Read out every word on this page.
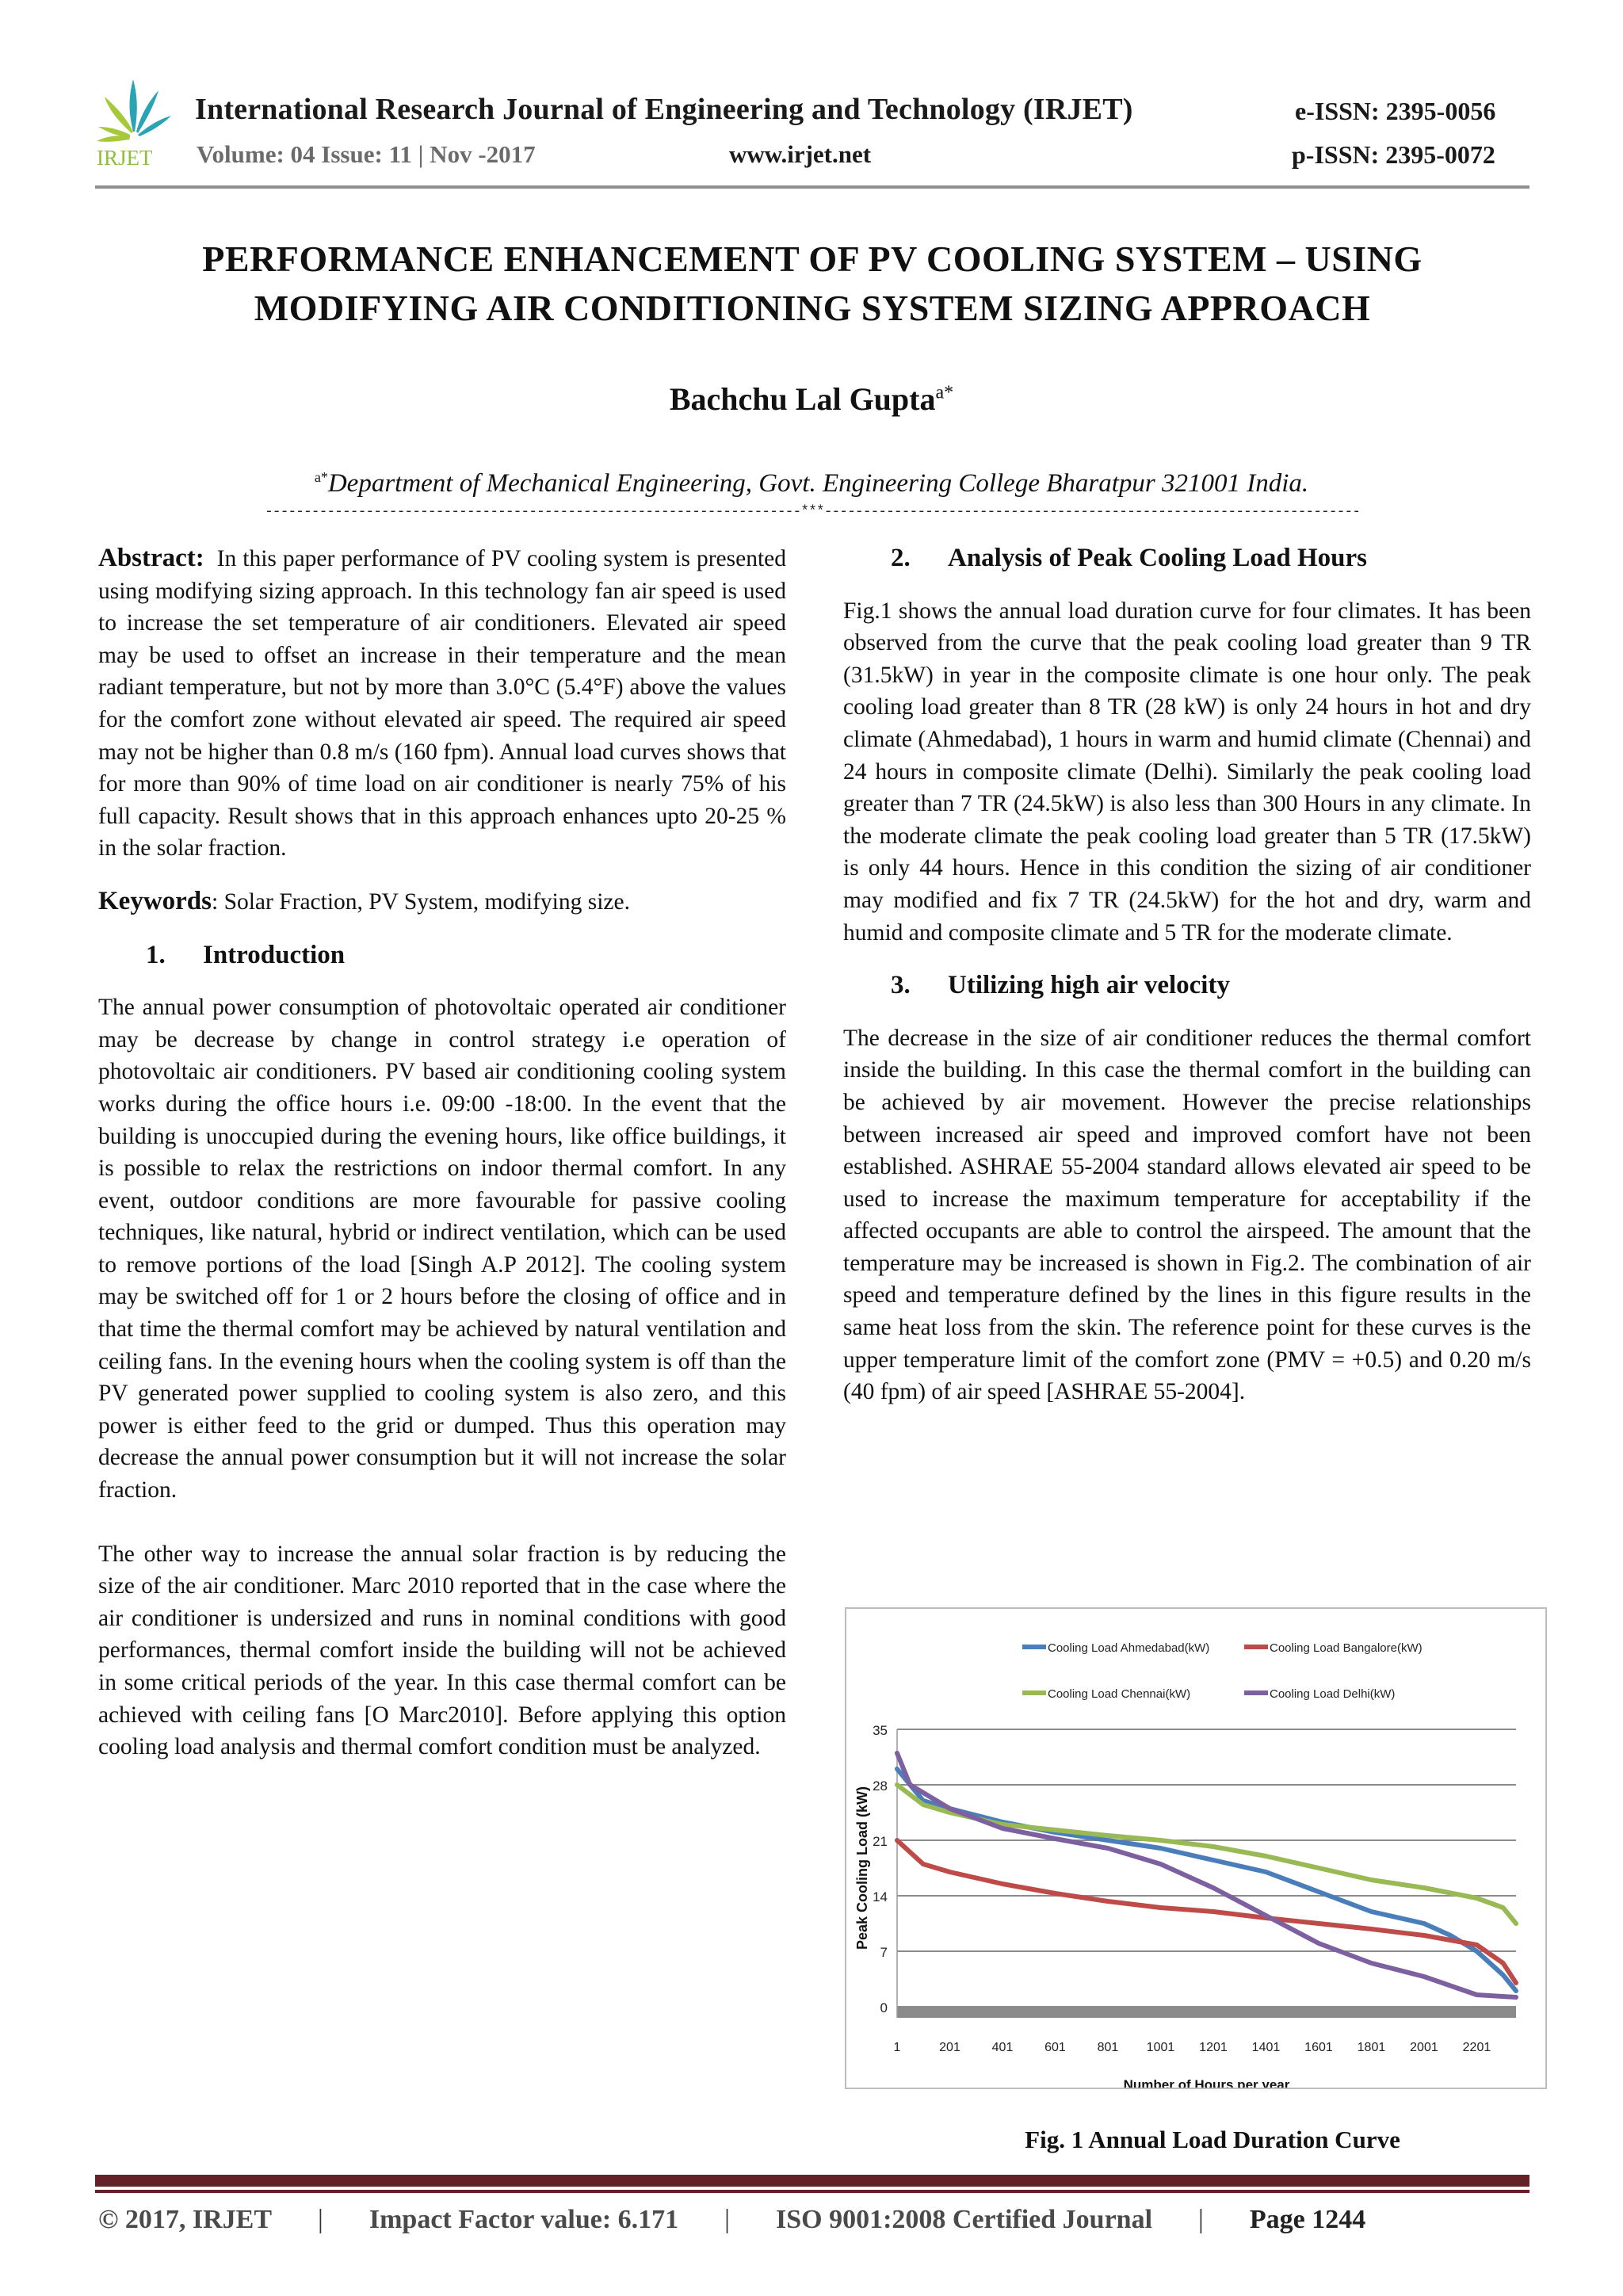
IRJET
International Research Journal of Engineering and Technology (IRJET)	e-ISSN: 2395-0056
Volume: 04 Issue: 11 | Nov -2017	www.irjet.net	p-ISSN: 2395-0072
PERFORMANCE ENHANCEMENT OF PV COOLING SYSTEM – USING
MODIFYING AIR CONDITIONING SYSTEM SIZING APPROACH
Bachchu Lal Gupta$^{a*}$
$^{a*}$Department of Mechanical Engineering, Govt. Engineering College Bharatpur 321001 India.
---------------------------------------------------------------------***---------------------------------------------------------------------

Abstract: In this paper performance of PV cooling system is presented using modifying sizing approach. In this technology fan air speed is used to increase the set temperature of air conditioners. Elevated air speed may be used to offset an increase in their temperature and the mean radiant temperature, but not by more than 3.0°C (5.4°F) above the values for the comfort zone without elevated air speed. The required air speed may not be higher than 0.8 m/s (160 fpm). Annual load curves shows that for more than 90% of time load on air conditioner is nearly 75% of his full capacity. Result shows that in this approach enhances upto 20-25 % in the solar fraction.

Keywords: Solar Fraction, PV System, modifying size.

1. Introduction

The annual power consumption of photovoltaic operated air conditioner may be decrease by change in control strategy i.e operation of photovoltaic air conditioners. PV based air conditioning cooling system works during the office hours i.e. 09:00 -18:00. In the event that the building is unoccupied during the evening hours, like office buildings, it is possible to relax the restrictions on indoor thermal comfort. In any event, outdoor conditions are more favourable for passive cooling techniques, like natural, hybrid or indirect ventilation, which can be used to remove portions of the load [Singh A.P 2012]. The cooling system may be switched off for 1 or 2 hours before the closing of office and in that time the thermal comfort may be achieved by natural ventilation and ceiling fans. In the evening hours when the cooling system is off than the PV generated power supplied to cooling system is also zero, and this power is either feed to the grid or dumped. Thus this operation may decrease the annual power consumption but it will not increase the solar fraction.

The other way to increase the annual solar fraction is by reducing the size of the air conditioner. Marc 2010 reported that in the case where the air conditioner is undersized and runs in nominal conditions with good performances, thermal comfort inside the building will not be achieved in some critical periods of the year. In this case thermal comfort can be achieved with ceiling fans [O Marc2010]. Before applying this option cooling load analysis and thermal comfort condition must be analyzed.

2. Analysis of Peak Cooling Load Hours

Fig.1 shows the annual load duration curve for four climates. It has been observed from the curve that the peak cooling load greater than 9 TR (31.5kW) in year in the composite climate is one hour only. The peak cooling load greater than 8 TR (28 kW) is only 24 hours in hot and dry climate (Ahmedabad), 1 hours in warm and humid climate (Chennai) and 24 hours in composite climate (Delhi). Similarly the peak cooling load greater than 7 TR (24.5kW) is also less than 300 Hours in any climate. In the moderate climate the peak cooling load greater than 5 TR (17.5kW) is only 44 hours. Hence in this condition the sizing of air conditioner may modified and fix 7 TR (24.5kW) for the hot and dry, warm and humid and composite climate and 5 TR for the moderate climate.

3. Utilizing high air velocity

The decrease in the size of air conditioner reduces the thermal comfort inside the building. In this case the thermal comfort in the building can be achieved by air movement. However the precise relationships between increased air speed and improved comfort have not been established. ASHRAE 55-2004 standard allows elevated air speed to be used to increase the maximum temperature for acceptability if the affected occupants are able to control the airspeed. The amount that the temperature may be increased is shown in Fig.2. The combination of air speed and temperature defined by the lines in this figure results in the same heat loss from the skin. The reference point for these curves is the upper temperature limit of the comfort zone (PMV = +0.5) and 0.20 m/s (40 fpm) of air speed [ASHRAE 55-2004].

0
7
14
21
28
35
1	201 401 601 801 1001 1201 1401 1601 1801 2001 2201
Number of Hours per year
Peak Cooling Load (kW)
Cooling Load Ahmedabad(kW)	Cooling Load Bangalore(kW)
Cooling Load Chennai(kW)	Cooling Load Delhi(kW)
Fig. 1 Annual Load Duration Curve
© 2017, IRJET | Impact Factor value: 6.171 | ISO 9001:2008 Certified Journal | Page 1244
